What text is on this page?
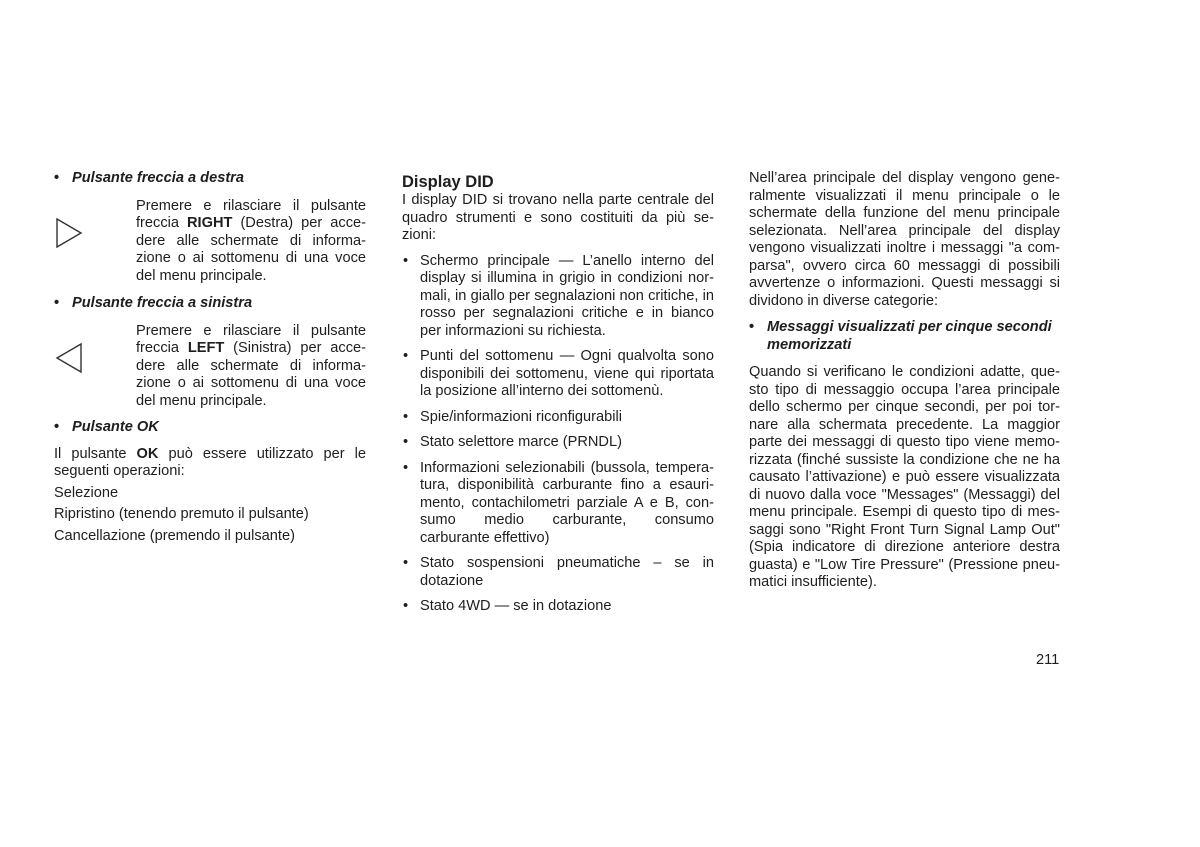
• Pulsante freccia a destra

Premere e rilasciare il pulsante freccia RIGHT (Destra) per acce-dere alle schermate di informa-zione o ai sottomenu di una voce del menu principale.

• Pulsante freccia a sinistra

Premere e rilasciare il pulsante freccia LEFT (Sinistra) per acce-dere alle schermate di informa-zione o ai sottomenu di una voce del menu principale.

• Pulsante OK

Il pulsante OK può essere utilizzato per le seguenti operazioni:

Selezione

Ripristino (tenendo premuto il pulsante)

Cancellazione (premendo il pulsante)

Display DID

I display DID si trovano nella parte centrale del quadro strumenti e sono costituiti da più se-zioni:

• Schermo principale — L’anello interno del display si illumina in grigio in condizioni nor-mali, in giallo per segnalazioni non critiche, in rosso per segnalazioni critiche e in bianco per informazioni su richiesta.
• Punti del sottomenu — Ogni qualvolta sono disponibili dei sottomenu, viene qui riportata la posizione all’interno dei sottomenù.
• Spie/informazioni riconfigurabili
• Stato selettore marce (PRNDL)
• Informazioni selezionabili (bussola, tempera-tura, disponibilità carburante fino a esauri-mento, contachilometri parziale A e B, con-sumo medio carburante, consumo carburante effettivo)
• Stato sospensioni pneumatiche – se in dotazione
• Stato 4WD — se in dotazione

Nell’area principale del display vengono gene-ralmente visualizzati il menu principale o le schermate della funzione del menu principale selezionata. Nell’area principale del display vengono visualizzati inoltre i messaggi "a com-parsa", ovvero circa 60 messaggi di possibili avvertenze o informazioni. Questi messaggi si dividono in diverse categorie:

• Messaggi visualizzati per cinque secondi memorizzati

Quando si verificano le condizioni adatte, que-sto tipo di messaggio occupa l’area principale dello schermo per cinque secondi, per poi tor-nare alla schermata precedente. La maggior parte dei messaggi di questo tipo viene memo-rizzata (finché sussiste la condizione che ne ha causato l’attivazione) e può essere visualizzata di nuovo dalla voce "Messages" (Messaggi) del menu principale. Esempi di questo tipo di mes-saggi sono "Right Front Turn Signal Lamp Out" (Spia indicatore di direzione anteriore destra guasta) e "Low Tire Pressure" (Pressione pneu-matici insufficiente).

211
